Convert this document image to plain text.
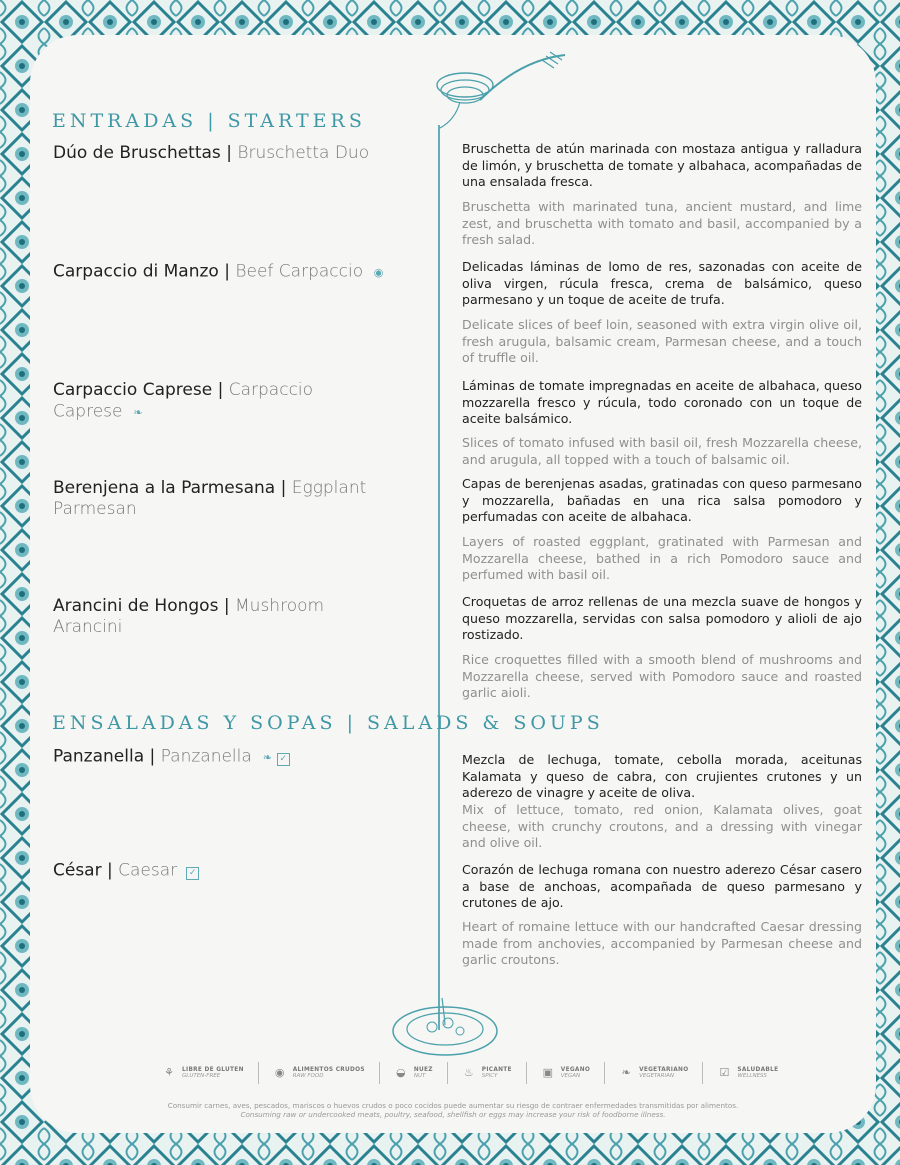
ENTRADAS | STARTERS
ENSALADAS Y SOPAS | SALADS & SOUPS
Dúo de Bruschettas | Bruschetta Duo	Bruschetta de atún marinada con mostaza antigua y ralladura de limón, y bruschetta de tomate y albahaca, acompañadas de una ensalada fresca.
Bruschetta with marinated tuna, ancient mustard, and lime zest, and bruschetta with tomato and basil, accompanied by a fresh salad.
Carpaccio di Manzo | Beef Carpaccio ◉	Delicadas láminas de lomo de res, sazonadas con aceite de oliva virgen, rúcula fresca, crema de balsámico, queso parmesano y un toque de aceite de trufa.
Delicate slices of beef loin, seasoned with extra virgin olive oil, fresh arugula, balsamic cream, Parmesan cheese, and a touch of truffle oil.
Carpaccio Caprese | Carpaccio Caprese ❧
Láminas de tomate impregnadas en aceite de albahaca, queso mozzarella fresco y rúcula, todo coronado con un toque de aceite balsámico.
Slices of tomato infused with basil oil, fresh Mozzarella cheese, and arugula, all topped with a touch of balsamic oil.
Berenjena a la Parmesana | Eggplant Parmesan
Capas de berenjenas asadas, gratinadas con queso parmesano y mozzarella, bañadas en una rica salsa pomodoro y perfumadas con aceite de albahaca.
Layers of roasted eggplant, gratinated with Parmesan and Mozzarella cheese, bathed in a rich Pomodoro sauce and perfumed with basil oil.
Arancini de Hongos | Mushroom Arancini
Croquetas de arroz rellenas de una mezcla suave de hongos y queso mozzarella, servidas con salsa pomodoro y alioli de ajo rostizado.
Rice croquettes filled with a smooth blend of mushrooms and Mozzarella cheese, served with Pomodoro sauce and roasted garlic aioli.
Panzanella | Panzanella ❧ ✓	Mezcla de lechuga, tomate, cebolla morada, aceitunas Kalamata y queso de cabra, con crujientes crutones y un aderezo de vinagre y aceite de oliva.
Mix of lettuce, tomato, red onion, Kalamata olives, goat cheese, with crunchy croutons, and a dressing with vinegar and olive oil.
César | Caesar ✓	Corazón de lechuga romana con nuestro aderezo César casero a base de anchoas, acompañada de queso parmesano y crutones de ajo.
Heart of romaine lettuce with our handcrafted Caesar dressing made from anchovies, accompanied by Parmesan cheese and garlic croutons.
⚘	LIBRE DE GLUTEN
GLUTEN-FREE	◉	ALIMENTOS CRUDOS
RAW FOOD	◒	NUEZ
NUT	♨	PICANTE
SPICY	▣	VEGANO
VEGAN	❧	VEGETARIANO
VEGETARIAN	☑	SALUDABLE
WELLNESS
Consumir carnes, aves, pescados, mariscos o huevos crudos o poco cocidos puede aumentar su riesgo de contraer enfermedades transmitidas por alimentos.
Consuming raw or undercooked meats, poultry, seafood, shellfish or eggs may increase your risk of foodborne illness.
